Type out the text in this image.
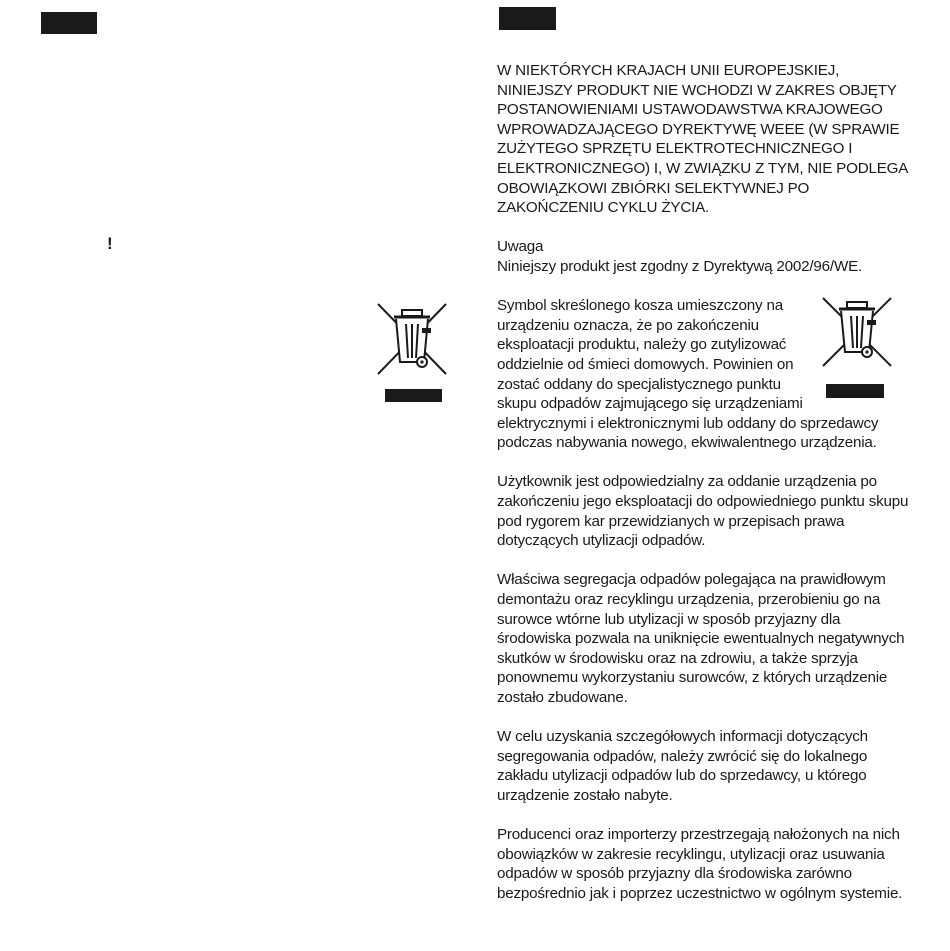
!

W NIEKTÓRYCH KRAJACH UNII EUROPEJSKIEJ, NINIEJSZY PRODUKT NIE WCHODZI W ZAKRES OBJĘTY POSTANOWIENIAMI USTAWODAWSTWA KRAJOWEGO WPROWADZAJĄCEGO DYREKTYWĘ WEEE (W SPRAWIE ZUŻYTEGO SPRZĘTU ELEKTROTECHNICZNEGO I ELEKTRONICZNEGO) I, W ZWIĄZKU Z TYM, NIE PODLEGA OBOWIĄZKOWI ZBIÓRKI SELEKTYWNEJ PO ZAKOŃCZENIU CYKLU ŻYCIA.

Uwaga
Niniejszy produkt jest zgodny z Dyrektywą 2002/96/WE.

Symbol skreślonego kosza umieszczony na urządzeniu oznacza, że po zakończeniu eksploatacji produktu, należy go zutylizować oddzielnie od śmieci domowych. Powinien on zostać oddany do specjalistycznego punktu skupu odpadów zajmującego się urządzeniami elektrycznymi i elektronicznymi lub oddany do sprzedawcy podczas nabywania nowego, ekwiwalentnego urządzenia.

Użytkownik jest odpowiedzialny za oddanie urządzenia po zakończeniu jego eksploatacji do odpowiedniego punktu skupu pod rygorem kar przewidzianych w przepisach prawa dotyczących utylizacji odpadów.

Właściwa segregacja odpadów polegająca na prawidłowym demontażu oraz recyklingu urządzenia, przerobieniu go na surowce wtórne lub utylizacji w sposób przyjazny dla środowiska pozwala na uniknięcie ewentualnych negatywnych skutków w środowisku oraz na zdrowiu, a także sprzyja ponownemu wykorzystaniu surowców, z których urządzenie zostało zbudowane.

W celu uzyskania szczegółowych informacji dotyczących segregowania odpadów, należy zwrócić się do lokalnego zakładu utylizacji odpadów lub do sprzedawcy, u którego urządzenie zostało nabyte.

Producenci oraz importerzy przestrzegają nałożonych na nich obowiązków w zakresie recyklingu, utylizacji oraz usuwania odpadów w sposób przyjazny dla środowiska zarówno bezpośrednio jak i poprzez uczestnictwo w ogólnym systemie.
